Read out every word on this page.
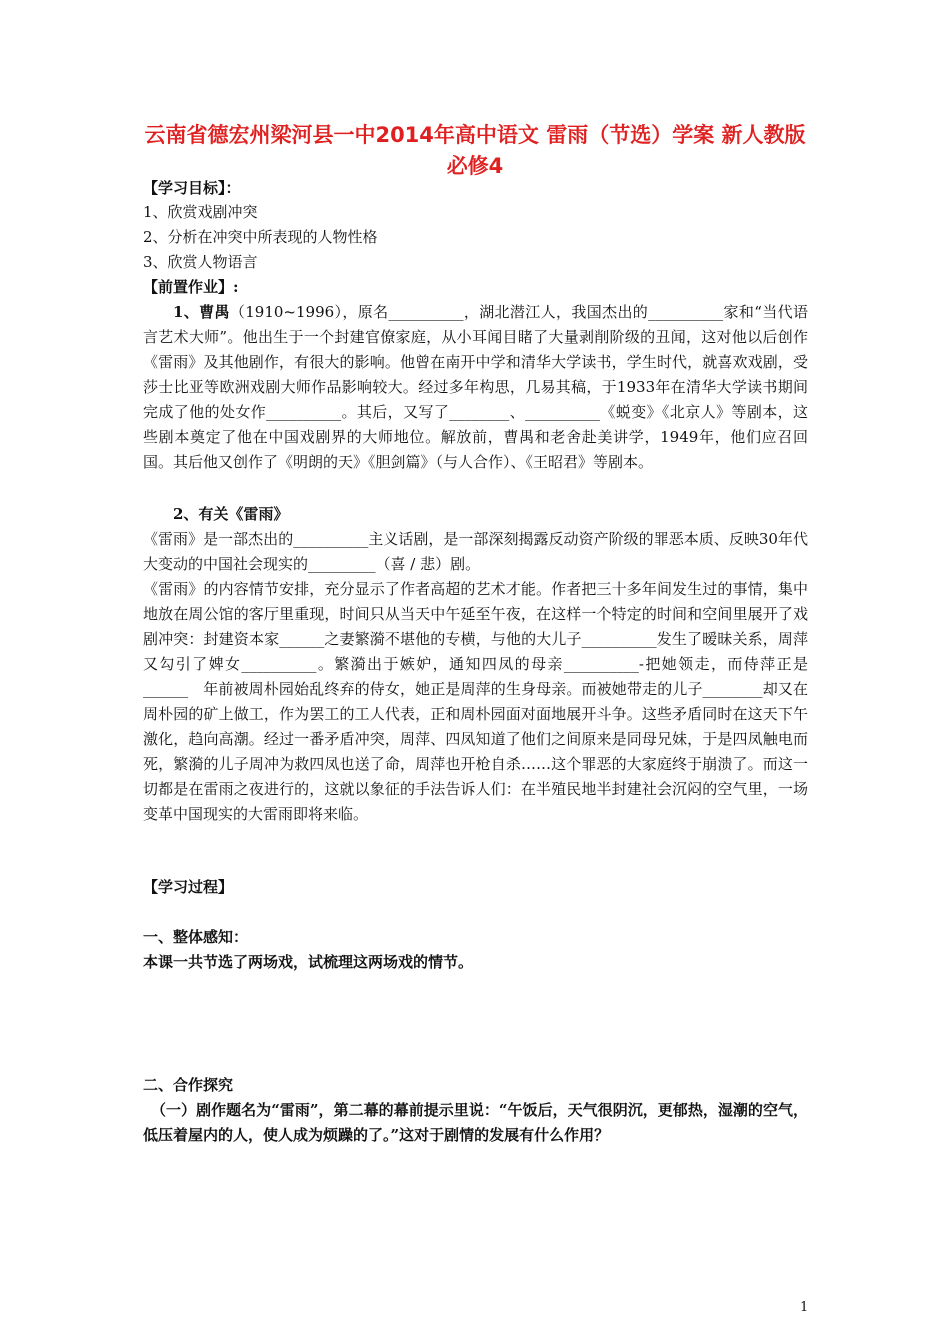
云南省德宏州梁河县一中2014年高中语文 雷雨（节选）学案 新人教版必修4
【学习目标】：
1、欣赏戏剧冲突
2、分析在冲突中所表现的人物性格
3、欣赏人物语言
【前置作业】:
1、曹禺（1910~1996），原名__________，湖北潜江人，我国杰出的__________家和“当代语言艺术大师”。他出生于一个封建官僚家庭，从小耳闻目睹了大量剥削阶级的丑闻，这对他以后创作《雷雨》及其他剧作，有很大的影响。他曾在南开中学和清华大学读书，学生时代，就喜欢戏剧，受莎士比亚等欧洲戏剧大师作品影响较大。经过多年构思，几易其稿，于1933年在清华大学读书期间完成了他的处女作__________。其后，又写了________、__________《蜕变》《北京人》等剧本，这些剧本奠定了他在中国戏剧界的大师地位。解放前，曹禺和老舍赴美讲学，1949年，他们应召回国。其后他又创作了《明朗的天》《胆剑篇》（与人合作）、《王昭君》等剧本。
2、有关《雷雨》
《雷雨》是一部杰出的__________主义话剧，是一部深刻揭露反动资产阶级的罪恶本质、反映30年代大变动的中国社会现实的_________（喜 / 悲）剧。
《雷雨》的内容情节安排，充分显示了作者高超的艺术才能。作者把三十多年间发生过的事情，集中地放在周公馆的客厅里重现，时间只从当天中午延至午夜，在这样一个特定的时间和空间里展开了戏剧冲突：封建资本家______之妻繁漪不堪他的专横，与他的大儿子__________发生了暧昧关系，周萍又勾引了婢女__________。繁漪出于嫉妒，通知四凤的母亲__________-把她领走，而侍萍正是______　年前被周朴园始乱终弃的侍女，她正是周萍的生身母亲。而被她带走的儿子________却又在周朴园的矿上做工，作为罢工的工人代表，正和周朴园面对面地展开斗争。这些矛盾同时在这天下午激化，趋向高潮。经过一番矛盾冲突，周萍、四凤知道了他们之间原来是同母兄妹，于是四凤触电而死，繁漪的儿子周冲为救四凤也送了命，周萍也开枪自杀……这个罪恶的大家庭终于崩溃了。而这一切都是在雷雨之夜进行的，这就以象征的手法告诉人们：在半殖民地半封建社会沉闷的空气里，一场变革中国现实的大雷雨即将来临。
【学习过程】
一、整体感知：
本课一共节选了两场戏，试梳理这两场戏的情节。
二、合作探究
（一）剧作题名为“雷雨”，第二幕的幕前提示里说：“午饭后，天气很阴沉，更郁热，湿潮的空气，低压着屋内的人，使人成为烦躁的了。”这对于剧情的发展有什么作用？
1
